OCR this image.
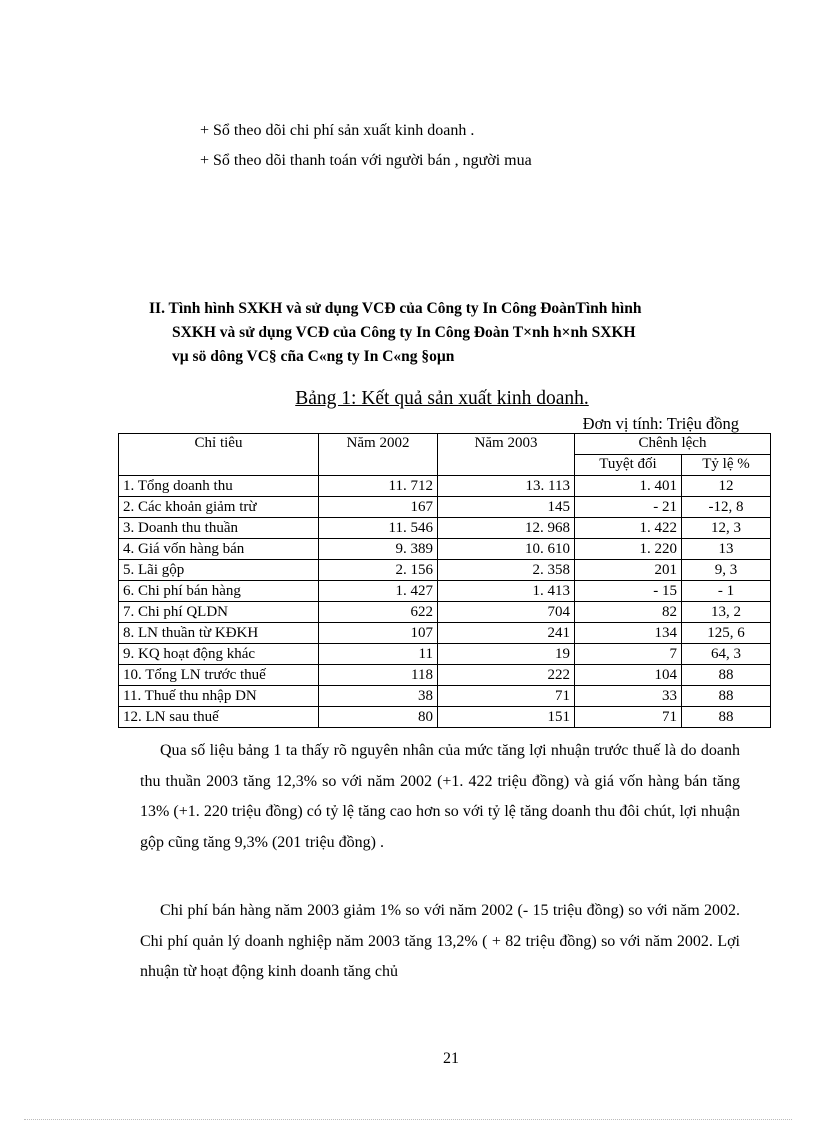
+ Sổ theo dõi chi phí sản xuất kinh doanh .
+ Sổ theo dõi thanh toán với người bán , người mua
II. Tình hình SXKH và sử dụng VCĐ của Công ty In Công ĐoànTình hình
SXKH và sử dụng VCĐ của Công ty In Công Đoàn T×nh h×nh SXKH
vµ sö dông VC§ cña C«ng ty In C«ng §oµn
Bảng 1: Kết quả sản xuất kinh doanh.
Đơn vị tính: Triệu đồng
Chỉ tiêu	Năm 2002	Năm 2003	Chênh lệch	
			Tuyệt đối	Tỷ lệ %
1. Tổng doanh thu	11. 712	13. 113	1. 401	12
2. Các khoản giảm trừ	167	145	- 21	-12, 8
3. Doanh thu thuần	11. 546	12. 968	1. 422	12, 3
4. Giá vốn hàng bán	9. 389	10. 610	1. 220	13
5. Lãi gộp	2. 156	2. 358	201	9, 3
6. Chi phí bán hàng	1. 427	1. 413	- 15	- 1
7. Chi phí QLDN	622	704	82	13, 2
8. LN thuần từ KĐKH	107	241	134	125, 6
9. KQ hoạt động khác	11	19	7	64, 3
10. Tổng LN trước thuế	118	222	104	88
11. Thuế thu nhập DN	38	71	33	88
12. LN sau thuế	80	151	71	88
Qua số liệu bảng 1 ta thấy rõ nguyên nhân của mức tăng lợi nhuận trước thuế là do doanh thu thuần 2003 tăng 12,3% so với năm 2002 (+1. 422 triệu đồng) và giá vốn hàng bán tăng 13% (+1. 220 triệu đồng) có tỷ lệ tăng cao hơn so với tỷ lệ tăng doanh thu đôi chút, lợi nhuận gộp cũng tăng 9,3% (201 triệu đồng) .
Chi phí bán hàng năm 2003 giảm 1% so với năm 2002 (- 15 triệu đồng) so với năm 2002. Chi phí quản lý doanh nghiệp năm 2003 tăng 13,2% ( + 82 triệu đồng) so với năm 2002. Lợi nhuận từ hoạt động kinh doanh tăng chủ
21
